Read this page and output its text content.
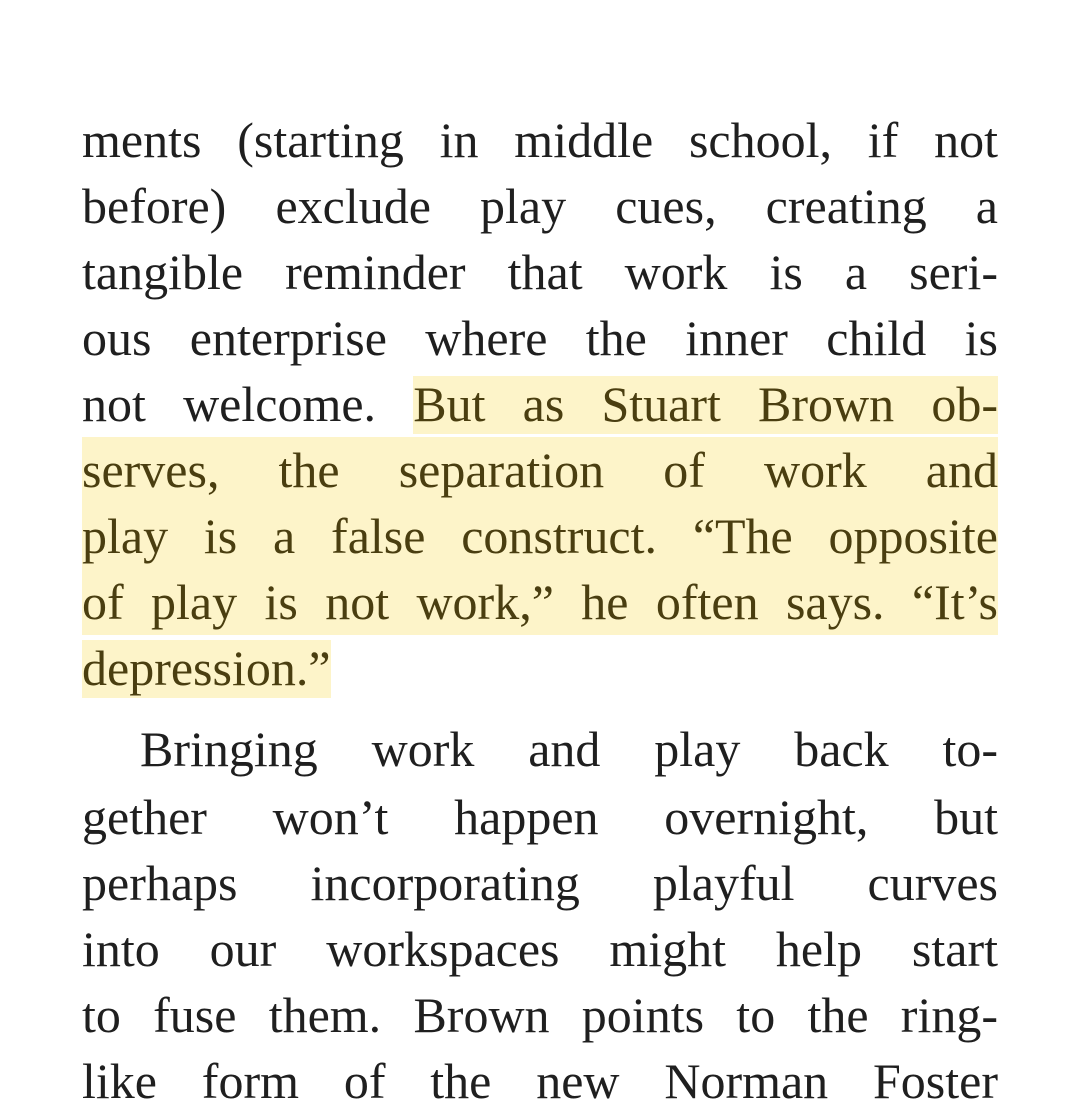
ments (starting in middle school, if not
before) exclude play cues, creating a
tangible reminder that work is a seri-
ous enterprise where the inner child is
not welcome. But as Stuart Brown ob-
serves, the separation of work and
play is a false construct. “The opposite
of play is not work,” he often says. “It’s
depression.”
Bringing work and play back to-
gether won’t happen overnight, but
perhaps incorporating playful curves
into our workspaces might help start
to fuse them. Brown points to the ring-
like form of the new Norman Foster
